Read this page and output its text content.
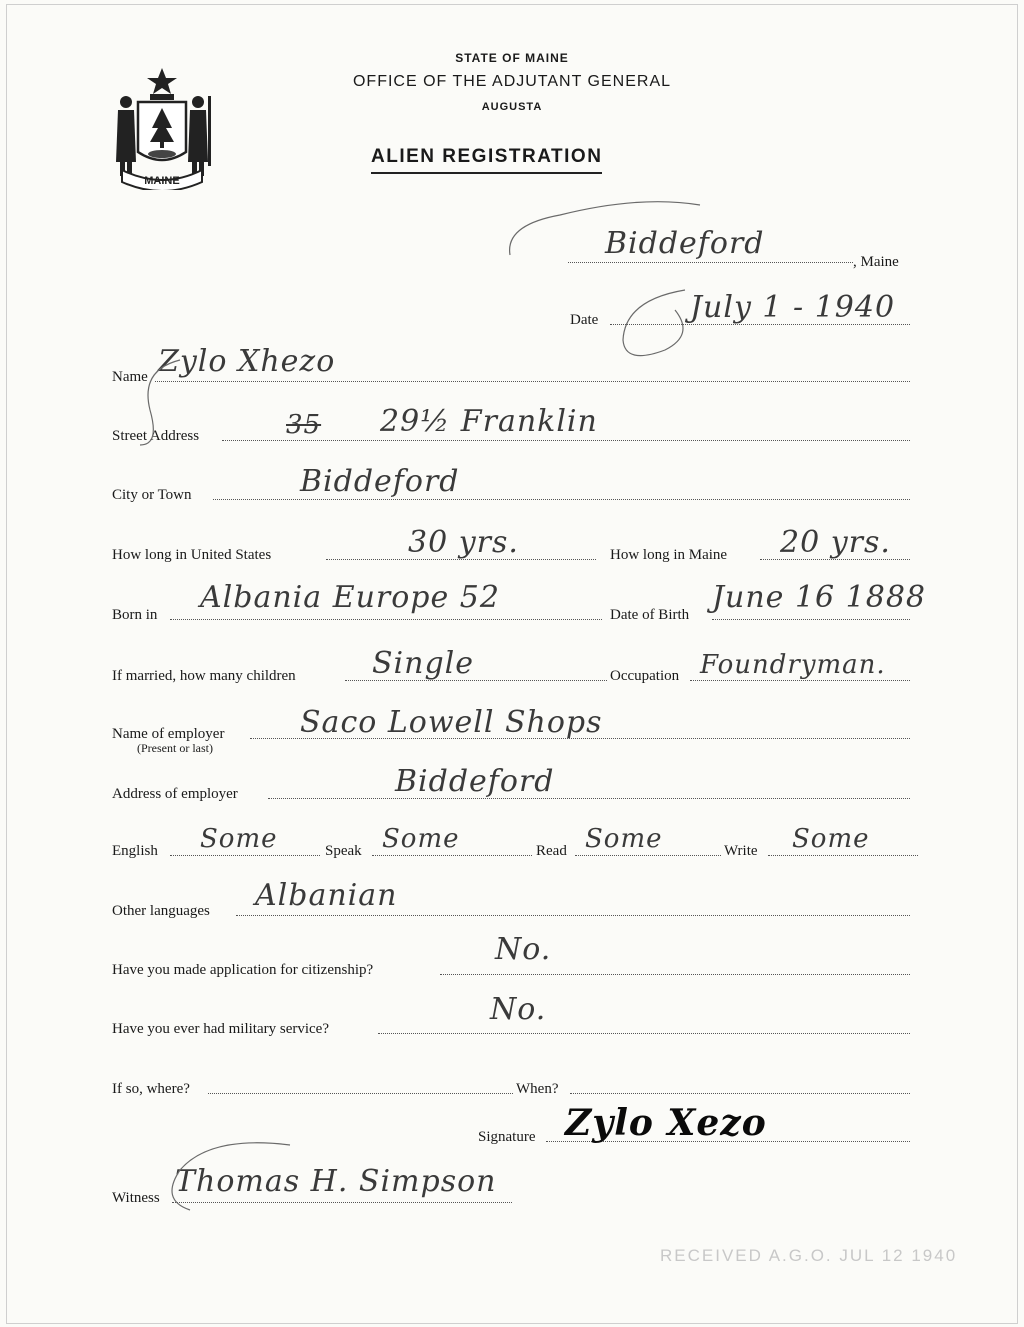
MAINE
STATE OF MAINE
OFFICE OF THE ADJUTANT GENERAL
AUGUSTA
ALIEN REGISTRATION
Biddeford
, Maine
Date	July 1 - 1940
Name Zylo Xhezo
Street Address	35 29½ Franklin
City or Town	Biddeford
How long in United States	30 yrs.	How long in Maine 20 yrs.
Born in Albania Europe 52	Date of Birth June 16 1888
If married, how many children	Single	Occupation Foundryman.
Name of employer
(Present or last)
Saco Lowell Shops
Address of employer	Biddeford
English Some	Speak Some	Read Some	Write Some
Other languages Albanian
Have you made application for citizenship?
No.
Have you ever had military service?
No.
If so, where?	When?
Signature Zylo Xezo
Witness Thomas H. Simpson
RECEIVED A.G.O. JUL 12 1940
